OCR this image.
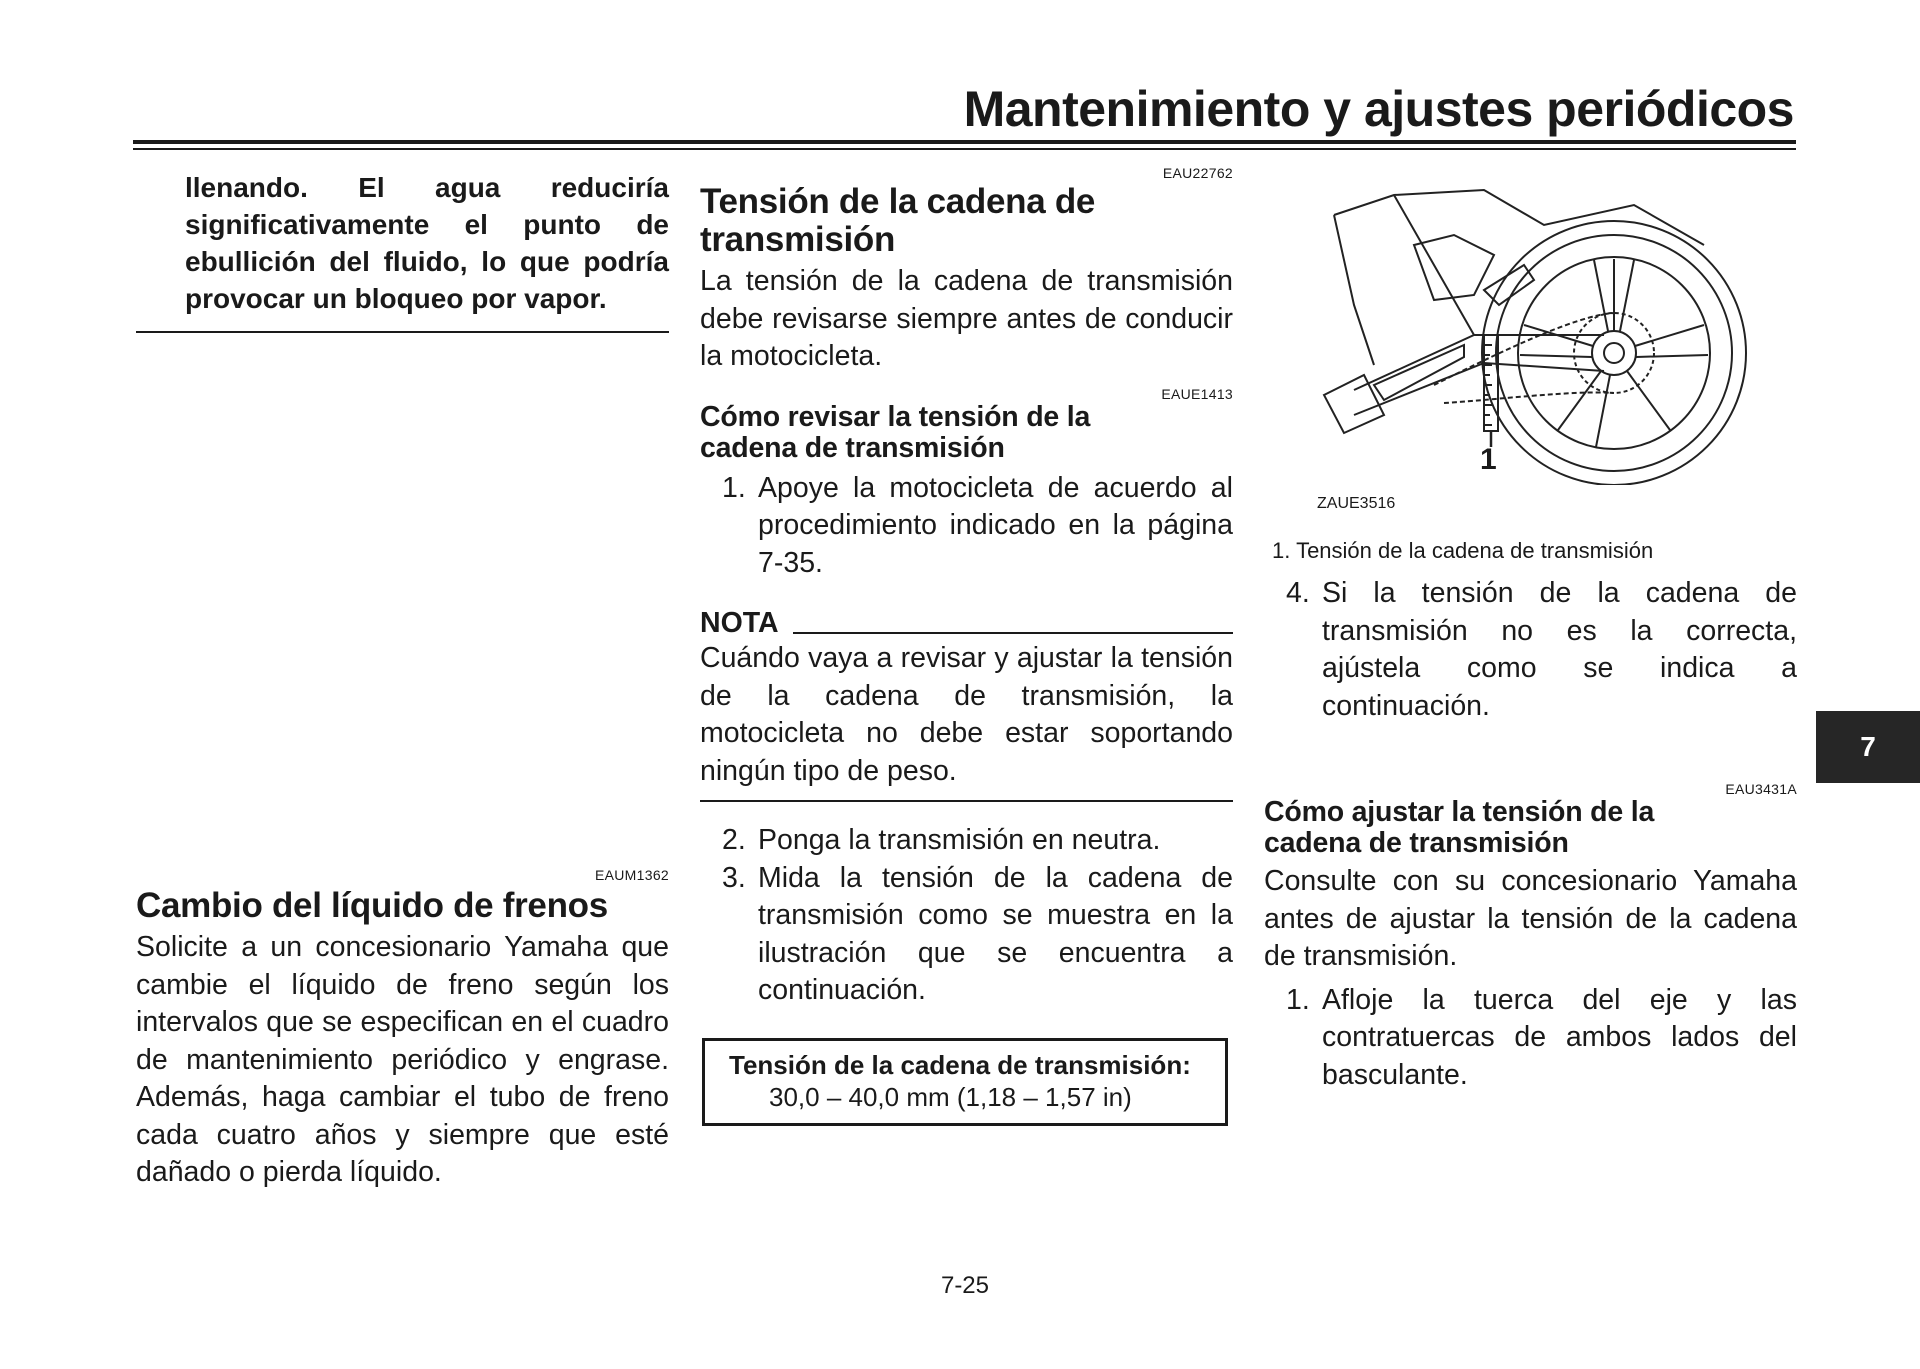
Mantenimiento y ajustes periódicos
llenando. El agua reduciría significativamente el punto de ebullición del fluido, lo que podría provocar un bloqueo por vapor.
EAUM1362
Cambio del líquido de frenos
Solicite a un concesionario Yamaha que cambie el líquido de freno según los intervalos que se especifican en el cuadro de mantenimiento periódico y engrase. Además, haga cambiar el tubo de freno cada cuatro años y siempre que esté dañado o pierda líquido.
EAU22762
Tensión de la cadena de transmisión
La tensión de la cadena de transmisión debe revisarse siempre antes de conducir la motocicleta.
EAUE1413
Cómo revisar la tensión de la cadena de transmisión
1. Apoye la motocicleta de acuerdo al procedimiento indicado en la página 7-35.
NOTA
Cuándo vaya a revisar y ajustar la tensión de la cadena de transmisión, la motocicleta no debe estar soportando ningún tipo de peso.
2. Ponga la transmisión en neutra.
3. Mida la tensión de la cadena de transmisión como se muestra en la ilustración que se encuentra a continuación.
Tensión de la cadena de transmisión:
30,0 – 40,0 mm (1,18 – 1,57 in)
1
ZAUE3516
1. Tensión de la cadena de transmisión
4. Si la tensión de la cadena de transmisión no es la correcta, ajústela como se indica a continuación.
EAU3431A
Cómo ajustar la tensión de la cadena de transmisión
Consulte con su concesionario Yamaha antes de ajustar la tensión de la cadena de transmisión.
1. Afloje la tuerca del eje y las contratuercas de ambos lados del basculante.
7
7-25
